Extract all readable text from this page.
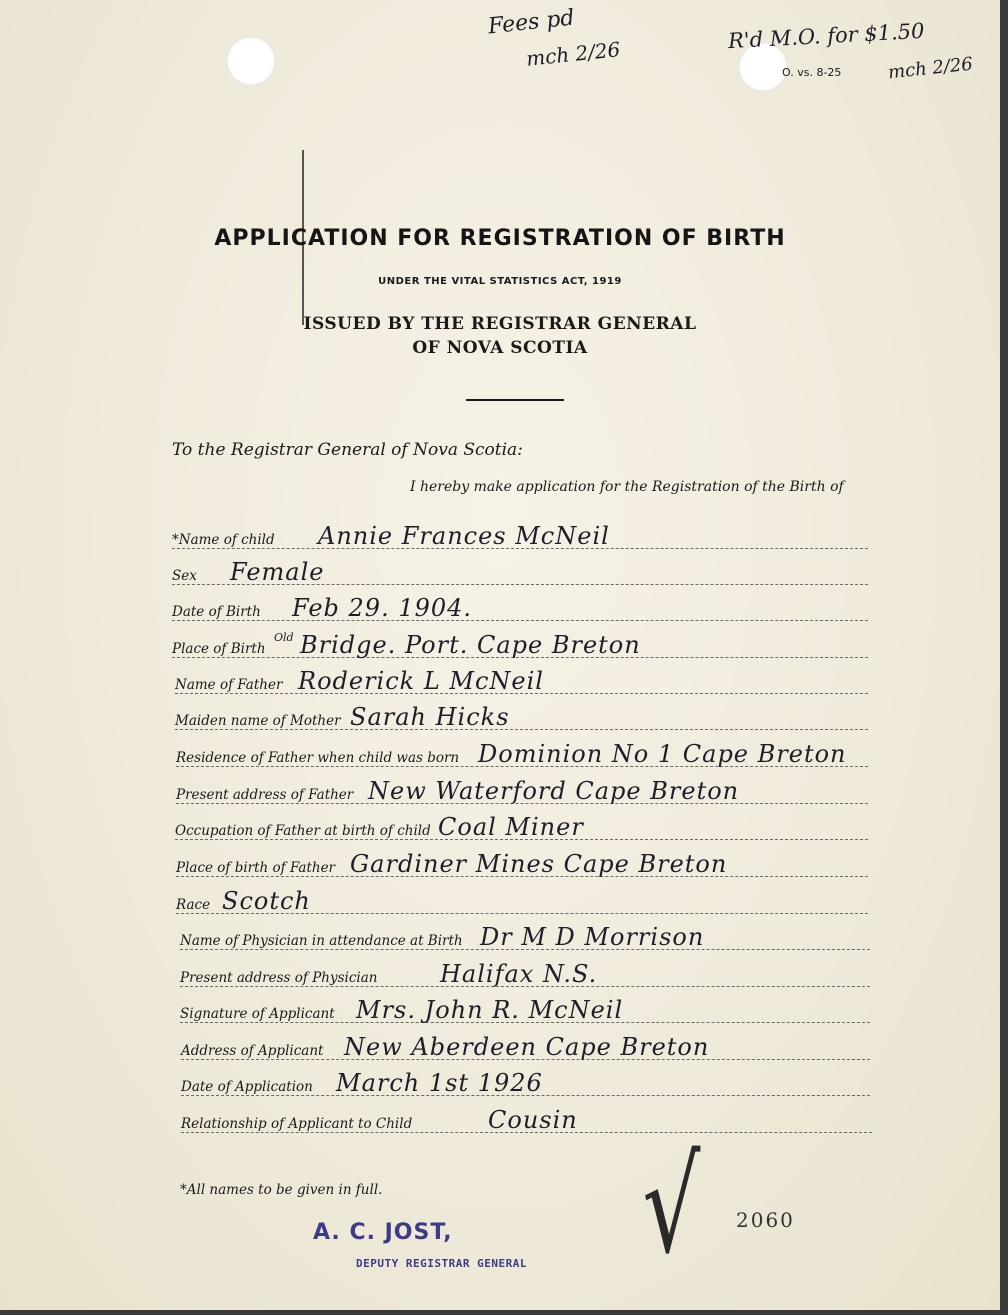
Fees pd
mch 2/26
R'd M.O. for $1.50
mch 2/26
O. vs. 8-25
APPLICATION FOR REGISTRATION OF BIRTH
UNDER THE VITAL STATISTICS ACT, 1919
ISSUED BY THE REGISTRAR GENERAL
OF NOVA SCOTIA
To the Registrar General of Nova Scotia:
I hereby make application for the Registration of the Birth of
*Name of child Annie Frances McNeil
Sex Female
Date of Birth Feb 29. 1904.
Place of Birth Bridge. Port. Cape Breton
Old
Name of Father Roderick L McNeil
Maiden name of Mother Sarah Hicks
Residence of Father when child was born Dominion No 1 Cape Breton
Present address of Father New Waterford Cape Breton
Occupation of Father at birth of child Coal Miner
Place of birth of Father Gardiner Mines Cape Breton
Race Scotch
Name of Physician in attendance at Birth Dr M D Morrison
Present address of Physician	Halifax N.S.
Signature of Applicant Mrs. John R. McNeil
Address of Applicant New Aberdeen Cape Breton
Date of Application March 1st 1926
Relationship of Applicant to Child	Cousin
*All names to be given in full.
A. C. JOST,
DEPUTY REGISTRAR GENERAL √ 2060
